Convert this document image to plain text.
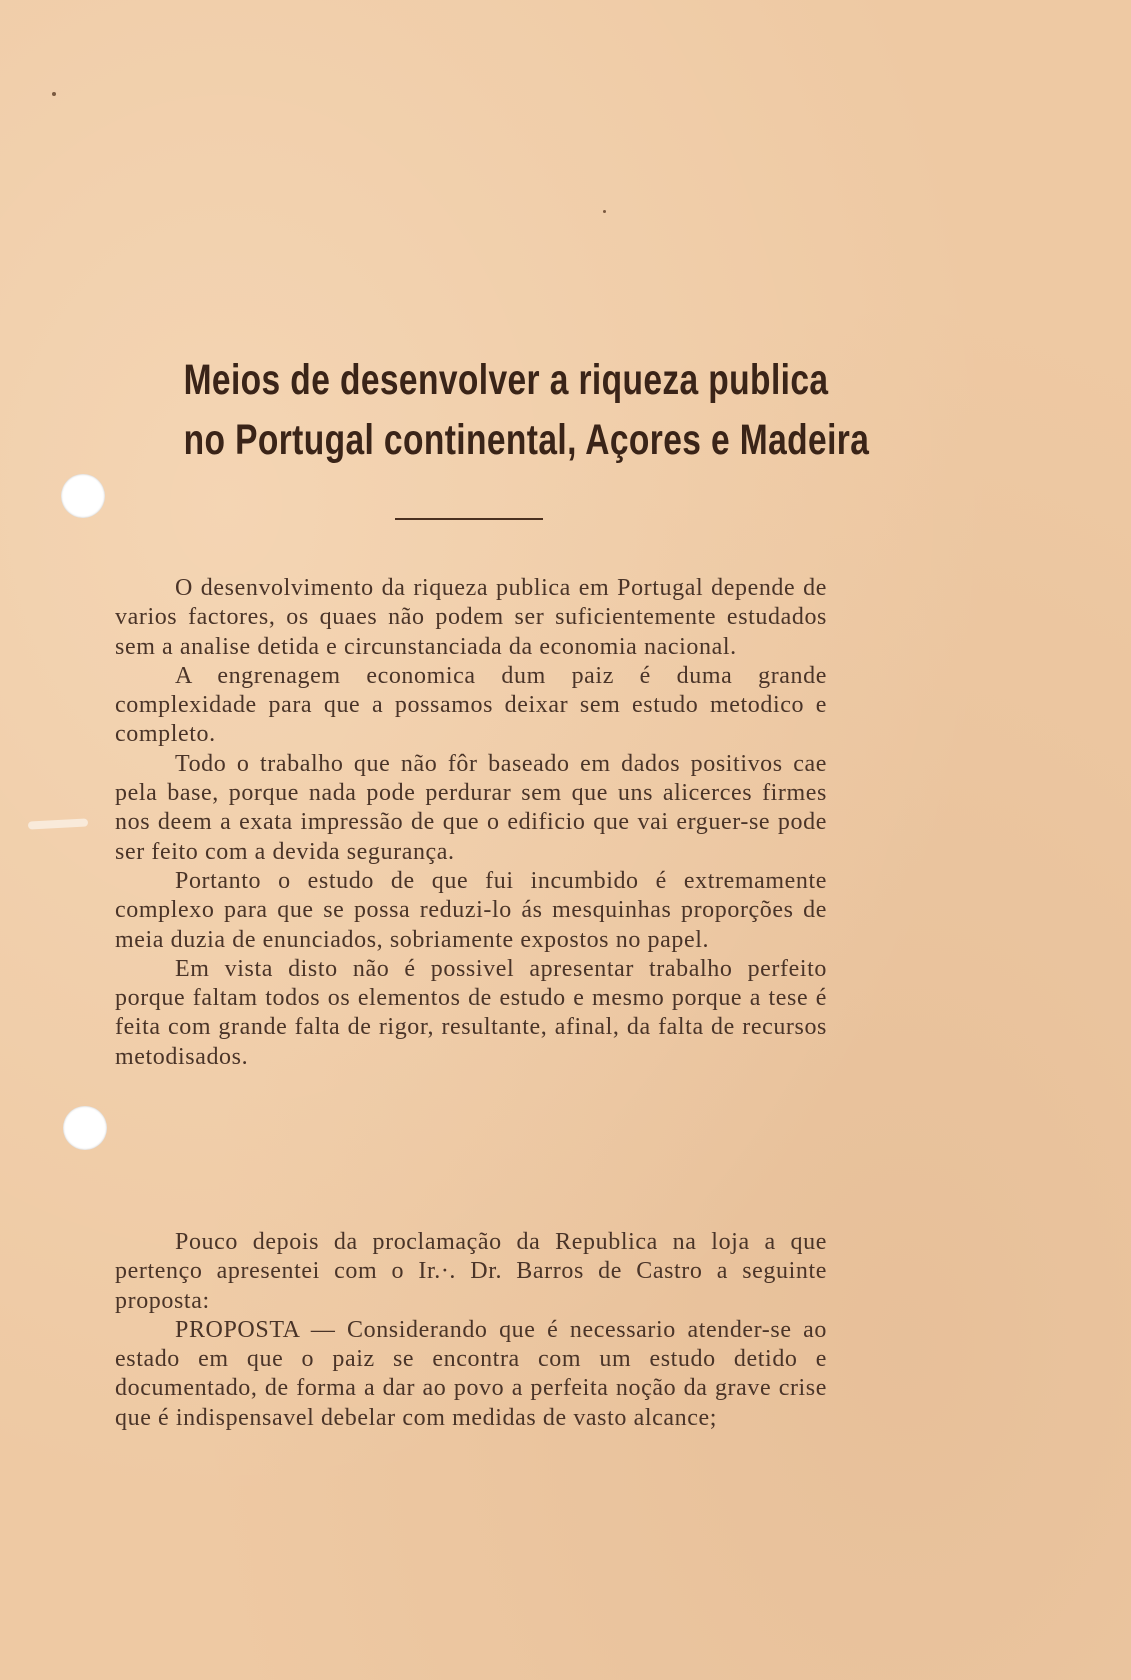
Meios de desenvolver a riqueza publica
no Portugal continental, Açores e Madeira

O desenvolvimento da riqueza publica em Portugal depende de varios factores, os quaes não podem ser suficientemente estudados sem a analise detida e circunstanciada da economia nacional.

A engrenagem economica dum paiz é duma grande complexidade para que a possamos deixar sem estudo metodico e completo.

Todo o trabalho que não fôr baseado em dados positivos cae pela base, porque nada pode perdurar sem que uns alicerces firmes nos deem a exata impressão de que o edificio que vai erguer-se pode ser feito com a devida segurança.

Portanto o estudo de que fui incumbido é extremamente complexo para que se possa reduzi-lo ás mesquinhas proporções de meia duzia de enunciados, sobriamente expostos no papel.

Em vista disto não é possivel apresentar trabalho perfeito porque faltam todos os elementos de estudo e mesmo porque a tese é feita com grande falta de rigor, resultante, afinal, da falta de recursos metodisados.

Pouco depois da proclamação da Republica na loja a que pertenço apresentei com o Ir.·. Dr. Barros de Castro a seguinte proposta:

PROPOSTA — Considerando que é necessario atender-se ao estado em que o paiz se encontra com um estudo detido e documentado, de forma a dar ao povo a perfeita noção da grave crise que é indispensavel debelar com medidas de vasto alcance;
